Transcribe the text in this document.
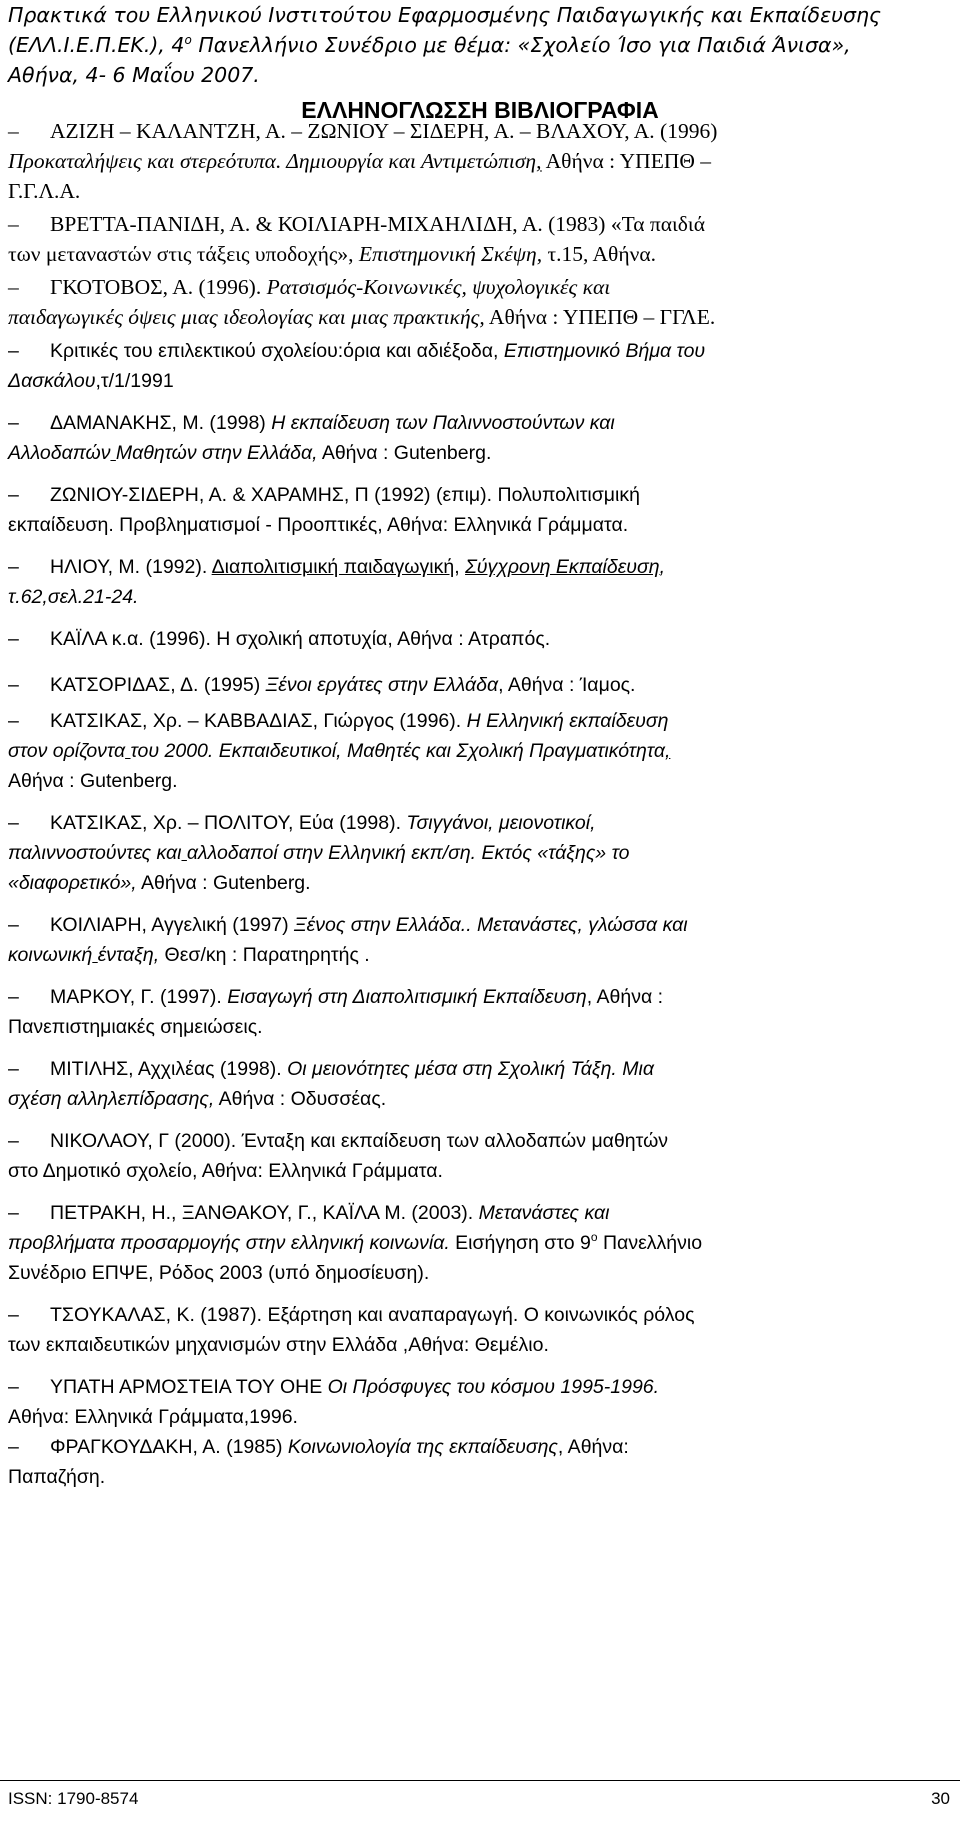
Πρακτικά του Ελληνικού Ινστιτούτου Εφαρμοσμένης Παιδαγωγικής και Εκπαίδευσης
(ΕΛΛ.Ι.Ε.Π.ΕΚ.), $4^o$ Πανελλήνιο Συνέδριο με θέμα: «Σχολείο Ίσο για Παιδιά Άνισα»,
Αθήνα, 4- 6 Μαΐου 2007.
ΕΛΛΗΝΟΓΛΩΣΣΗ ΒΙΒΛΙΟΓΡΑΦΙΑ
– ΑΖΙΖΗ – ΚΑΛΑΝΤΖΗ, Α. – ΖΩΝΙΟΥ – ΣΙΔΕΡΗ, Α. – ΒΛΑΧΟΥ, Α. (1996)
Προκαταλήψεις και στερεότυπα. Δημιουργία και Αντιμετώπιση, Αθήνα : ΥΠΕΠΘ –
Γ.Γ.Λ.Α.
– ΒΡΕΤΤΑ-ΠΑΝΙΔΗ, Α. & ΚΟΙΛΙΑΡΗ-ΜΙΧΑΗΛΙΔΗ, Α. (1983) «Τα παιδιά
των μεταναστών στις τάξεις υποδοχής», Επιστημονική Σκέψη, τ.15, Αθήνα.
– ΓΚΟΤΟΒΟΣ, Α. (1996). Ρατσισμός-Κοινωνικές, ψυχολογικές και
παιδαγωγικές όψεις μιας ιδεολογίας και μιας πρακτικής, Αθήνα : ΥΠΕΠΘ – ΓΓΛΕ.
– Κριτικές του επιλεκτικού σχολείου:όρια και αδιέξοδα, Επιστημονικό Βήμα του
Δασκάλου,τ/1/1991
– ΔΑΜΑΝΑΚΗΣ, Μ. (1998) Η εκπαίδευση των Παλιννοστούντων και
Αλλοδαπών Μαθητών στην Ελλάδα, Αθήνα : Gutenberg.
– ΖΩΝΙΟΥ-ΣΙΔΕΡΗ, Α. & ΧΑΡΑΜΗΣ, Π (1992) (επιμ). Πολυπολιτισμική
εκπαίδευση. Προβληματισμοί - Προοπτικές, Αθήνα: Ελληνικά Γράμματα.
– ΗΛΙΟΥ, Μ. (1992). Διαπολιτισμική παιδαγωγική, Σύγχρονη Εκπαίδευση,
τ.62,σελ.21-24.
– ΚΑΪΛΑ κ.α. (1996). Η σχολική αποτυχία, Αθήνα : Ατραπός.
– ΚΑΤΣΟΡΙΔΑΣ, Δ. (1995) Ξένοι εργάτες στην Ελλάδα, Αθήνα : Ίαμος.
– ΚΑΤΣΙΚΑΣ, Χρ. – ΚΑΒΒΑΔΙΑΣ, Γιώργος (1996). Η Ελληνική εκπαίδευση
στον ορίζοντα του 2000. Εκπαιδευτικοί, Μαθητές και Σχολική Πραγματικότητα,
Αθήνα : Gutenberg.
– ΚΑΤΣΙΚΑΣ, Χρ. – ΠΟΛΙΤΟΥ, Εύα (1998). Τσιγγάνοι, μειονοτικοί,
παλιννοστούντες και αλλοδαποί στην Ελληνική εκπ/ση. Εκτός «τάξης» το
«διαφορετικό», Αθήνα : Gutenberg.
– ΚΟΙΛΙΑΡΗ, Αγγελική (1997) Ξένος στην Ελλάδα.. Μετανάστες, γλώσσα και
κοινωνική ένταξη, Θεσ/κη : Παρατηρητής .
– ΜΑΡΚΟΥ, Γ. (1997). Εισαγωγή στη Διαπολιτισμική Εκπαίδευση, Αθήνα :
Πανεπιστημιακές σημειώσεις.
– ΜΙΤΙΛΗΣ, Αχχιλέας (1998). Οι μειονότητες μέσα στη Σχολική Τάξη. Μια
σχέση αλληλεπίδρασης, Αθήνα : Οδυσσέας.
– ΝΙΚΟΛΑΟΥ, Γ (2000). Ένταξη και εκπαίδευση των αλλοδαπών μαθητών
στο Δημοτικό σχολείο, Αθήνα: Ελληνικά Γράμματα.
– ΠΕΤΡΑΚΗ, Η., ΞΑΝΘΑΚΟΥ, Γ., ΚΑΪΛΑ Μ. (2003). Μετανάστες και
προβλήματα προσαρμογής στην ελληνική κοινωνία. Εισήγηση στο $9^o$ Πανελλήνιο
Συνέδριο ΕΠΨΕ, Ρόδος 2003 (υπό δημοσίευση).
– ΤΣΟΥΚΑΛΑΣ, Κ. (1987). Εξάρτηση και αναπαραγωγή. Ο κοινωνικός ρόλος
των εκπαιδευτικών μηχανισμών στην Ελλάδα ,Αθήνα: Θεμέλιο.
– ΥΠΑΤΗ ΑΡΜΟΣΤΕΙΑ ΤΟΥ ΟΗΕ Οι Πρόσφυγες του κόσμου 1995-1996.
Αθήνα: Ελληνικά Γράμματα,1996.
– ΦΡΑΓΚΟΥΔΑΚΗ, Α. (1985) Κοινωνιολογία της εκπαίδευσης, Αθήνα:
Παπαζήση.
ISSN: 1790-8574	30
